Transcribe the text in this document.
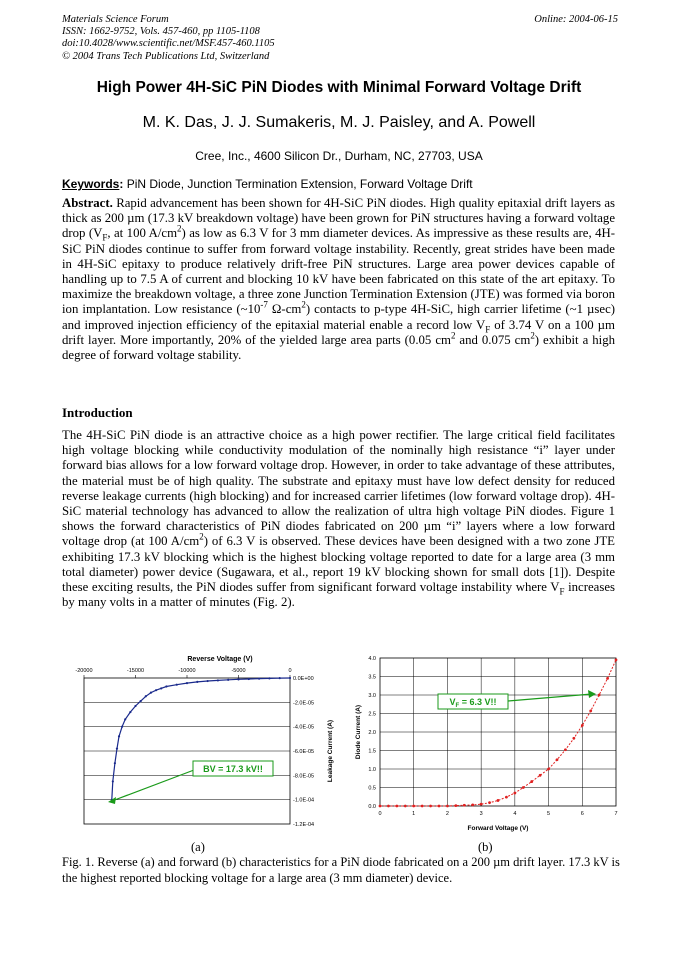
Materials Science Forum
ISSN: 1662-9752, Vols. 457-460, pp 1105-1108
doi:10.4028/www.scientific.net/MSF.457-460.1105
© 2004 Trans Tech Publications Ltd, Switzerland
Online: 2004-06-15
High Power 4H-SiC PiN Diodes with Minimal Forward Voltage Drift
M. K. Das, J. J. Sumakeris, M. J. Paisley, and A. Powell
Cree, Inc., 4600 Silicon Dr., Durham, NC, 27703, USA
Keywords: PiN Diode, Junction Termination Extension, Forward Voltage Drift
Abstract. Rapid advancement has been shown for 4H-SiC PiN diodes. High quality epitaxial drift layers as thick as 200 µm (17.3 kV breakdown voltage) have been grown for PiN structures having a forward voltage drop ($V_F$, at 100 $A/cm^2$) as low as 6.3 V for 3 mm diameter devices. As impressive as these results are, 4H-SiC PiN diodes continue to suffer from forward voltage instability. Recently, great strides have been made in 4H-SiC epitaxy to produce relatively drift-free PiN structures. Large area power devices capable of handling up to 7.5 A of current and blocking 10 kV have been fabricated on this state of the art epitaxy. To maximize the breakdown voltage, a three zone Junction Termination Extension (JTE) was formed via boron ion implantation. Low resistance ($\sim 10^{-7}$ $\Omega-cm^2$) contacts to p-type 4H-SiC, high carrier lifetime (~1 µsec) and improved injection efficiency of the epitaxial material enable a record low $V_F$ of 3.74 V on a 100 µm drift layer. More importantly, 20% of the yielded large area parts (0.05 $cm^2$ and 0.075 $cm^2$) exhibit a high degree of forward voltage stability.
Introduction
The 4H-SiC PiN diode is an attractive choice as a high power rectifier. The large critical field facilitates high voltage blocking while conductivity modulation of the nominally high resistance “i” layer under forward bias allows for a low forward voltage drop. However, in order to take advantage of these attributes, the material must be of high quality. The substrate and epitaxy must have low defect density for reduced reverse leakage currents (high blocking) and for increased carrier lifetimes (low forward voltage drop). 4H-SiC material technology has advanced to allow the realization of ultra high voltage PiN diodes. Figure 1 shows the forward characteristics of PiN diodes fabricated on 200 µm “i” layers where a low forward voltage drop (at 100 $A/cm^2$) of 6.3 V is observed. These devices have been designed with a two zone JTE exhibiting 17.3 kV blocking which is the highest blocking voltage reported to date for a large area (3 mm total diameter) power device (Sugawara, et al., report 19 kV blocking shown for small dots [1]). Despite these exciting results, the PiN diodes suffer from significant forward voltage instability where $V_F$ increases by many volts in a matter of minutes (Fig. 2).
Reverse Voltage (V)
-20000	-15000	-10000	-5000	0
0.0E+00
-2.0E-05
-4.0E-05
-6.0E-05
-8.0E-05
-1.0E-04
-1.2E-04
Leakage Current (A)
BV = 17.3 kV!!
0	1	2	3	4	5	6	7
0.0
0.5
1.0
1.5
2.0
2.5
3.0
3.5
4.0
Forward Voltage (V)
Diode Current (A)
$V_F = 6.3$ V!!
(a)	(b)
Fig. 1. Reverse (a) and forward (b) characteristics for a PiN diode fabricated on a 200 µm drift layer. 17.3 kV is the highest reported blocking voltage for a large area (3 mm diameter) device.
